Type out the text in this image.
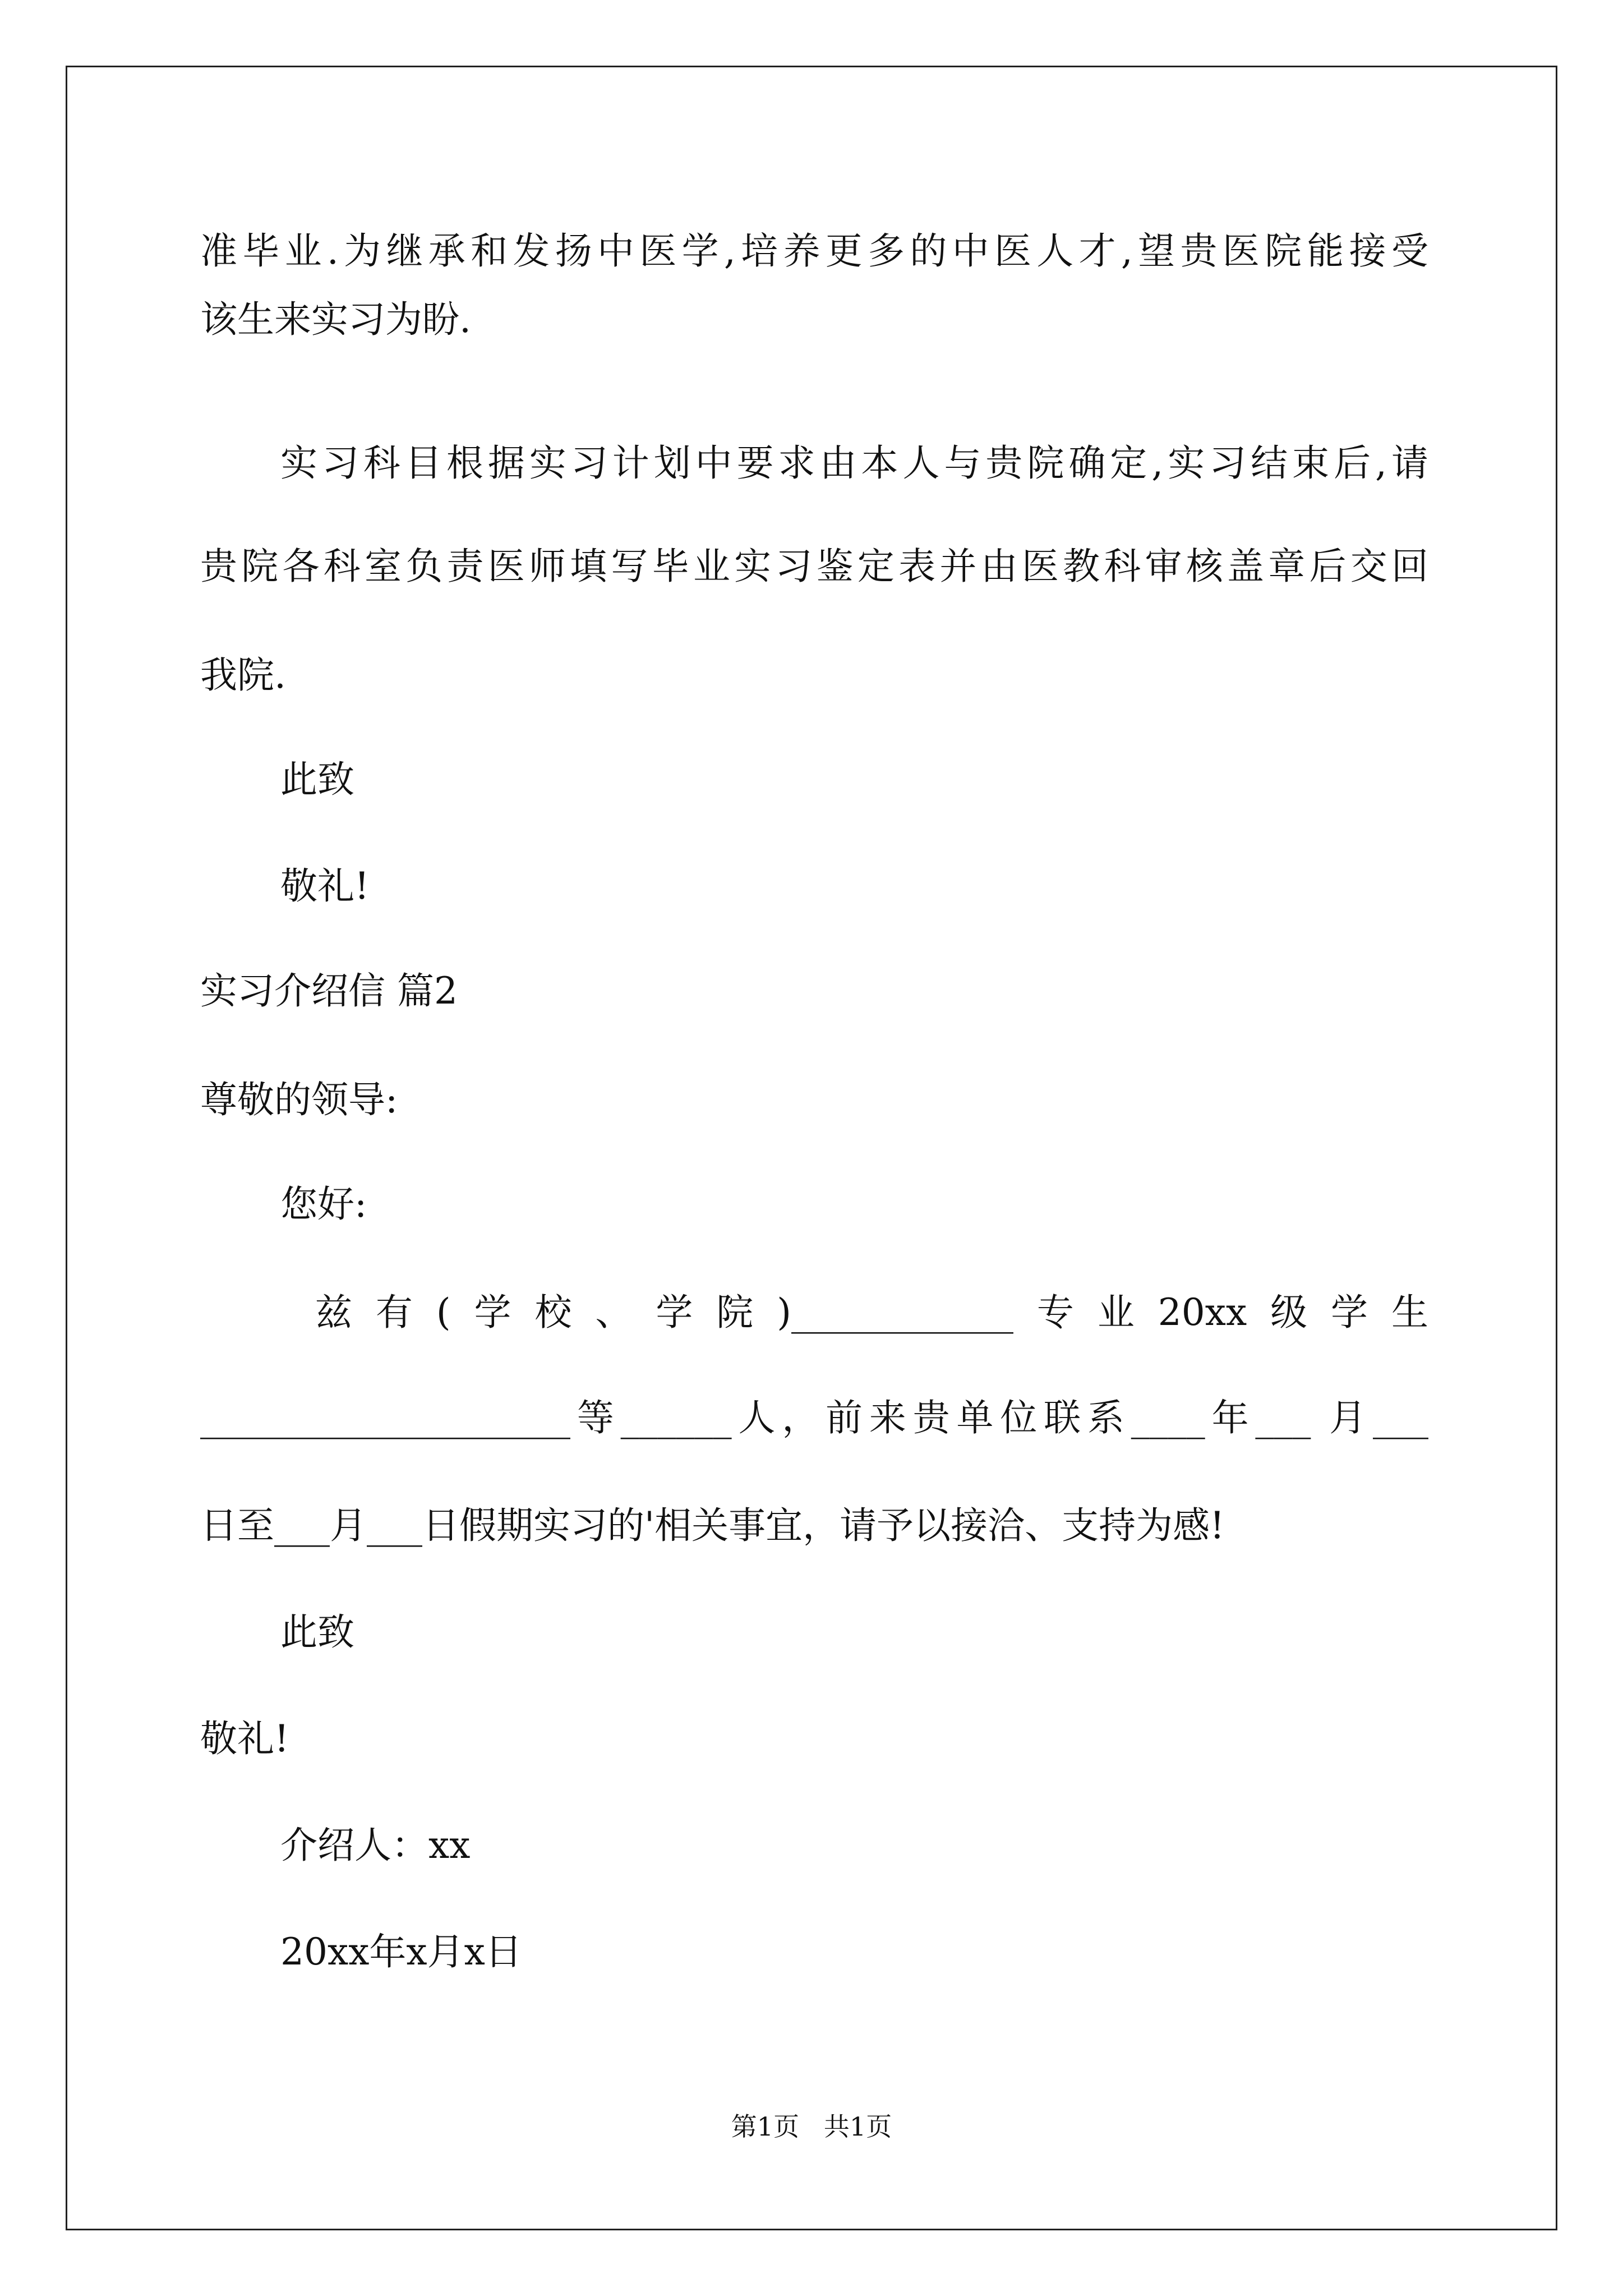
准毕业.为继承和发扬中医学,培养更多的中医人才,望贵医院能接受
该生来实习为盼.
实习科目根据实习计划中要求由本人与贵院确定,实习结束后,请
贵院各科室负责医师填写毕业实习鉴定表并由医教科审核盖章后交回
我院.
此致
敬礼!
实习介绍信 篇2
尊敬的领导:
您好:
兹有(学校、学院)____________专业20xx级学生
____________________等______人，前来贵单位联系____年___ 月___
日至___月___日假期实习的'相关事宜，请予以接洽、支持为感!
此致
敬礼!
介绍人：xx
20xx年x月x日
第1页   共1页
